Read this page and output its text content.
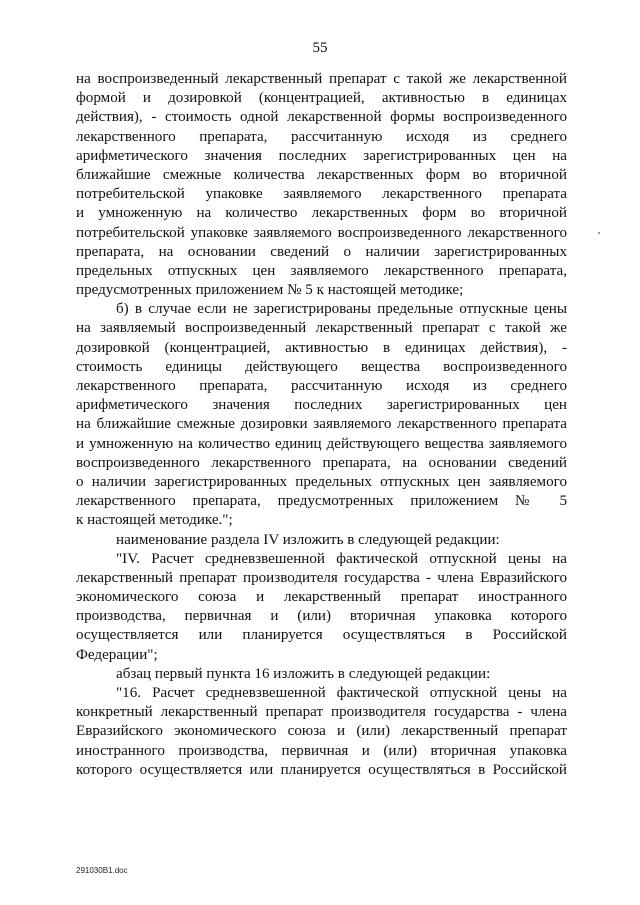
55
на воспроизведенный лекарственный препарат с такой же лекарственной
формой и дозировкой (концентрацией, активностью в единицах
действия), - стоимость одной лекарственной формы воспроизведенного
лекарственного препарата, рассчитанную исходя из среднего
арифметического значения последних зарегистрированных цен на
ближайшие смежные количества лекарственных форм во вторичной
потребительской упаковке заявляемого лекарственного препарата
и умноженную на количество лекарственных форм во вторичной
потребительской упаковке заявляемого воспроизведенного лекарственного
препарата, на основании сведений о наличии зарегистрированных
предельных отпускных цен заявляемого лекарственного препарата,
предусмотренных приложением № 5 к настоящей методике;
б) в случае если не зарегистрированы предельные отпускные цены
на заявляемый воспроизведенный лекарственный препарат с такой же
дозировкой (концентрацией, активностью в единицах действия), -
стоимость единицы действующего вещества воспроизведенного
лекарственного препарата, рассчитанную исходя из среднего
арифметического значения последних зарегистрированных цен
на ближайшие смежные дозировки заявляемого лекарственного препарата
и умноженную на количество единиц действующего вещества заявляемого
воспроизведенного лекарственного препарата, на основании сведений
о наличии зарегистрированных предельных отпускных цен заявляемого
лекарственного препарата, предусмотренных приложением № 5
к настоящей методике.";
наименование раздела IV изложить в следующей редакции:
"IV. Расчет средневзвешенной фактической отпускной цены на
лекарственный препарат производителя государства - члена Евразийского
экономического союза и лекарственный препарат иностранного
производства, первичная и (или) вторичная упаковка которого
осуществляется или планируется осуществляться в Российской
Федерации";
абзац первый пункта 16 изложить в следующей редакции:
"16. Расчет средневзвешенной фактической отпускной цены на
конкретный лекарственный препарат производителя государства - члена
Евразийского экономического союза и (или) лекарственный препарат
иностранного производства, первичная и (или) вторичная упаковка
которого осуществляется или планируется осуществляться в Российской
291030В1.doc
